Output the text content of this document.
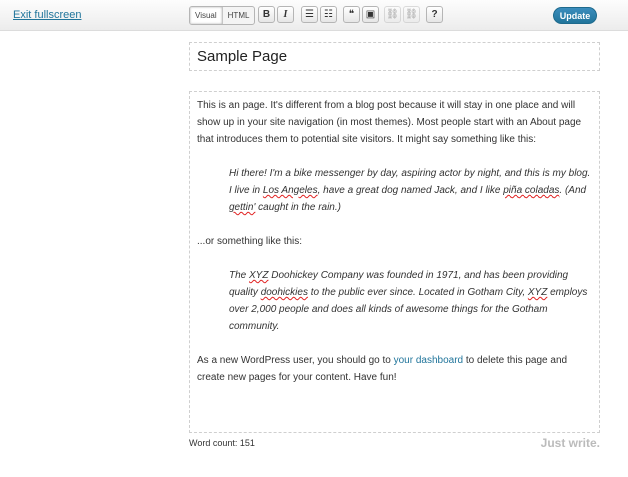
Exit fullscreen	Visual	HTML	B I ☰ ☷ ❝ ▣ ⛓ ⛓ ?	Update
Sample Page

This is an page. It's different from a blog post because it will stay in one place and will show up in your site navigation (in most themes). Most people start with an About page that introduces them to potential site visitors. It might say something like this:

Hi there! I'm a bike messenger by day, aspiring actor by night, and this is my blog. I live in Los Angeles, have a great dog named Jack, and I like piña coladas. (And gettin' caught in the rain.)

...or something like this:

The XYZ Doohickey Company was founded in 1971, and has been providing quality doohickies to the public ever since. Located in Gotham City, XYZ employs over 2,000 people and does all kinds of awesome things for the Gotham community.

As a new WordPress user, you should go to your dashboard to delete this page and create new pages for your content. Have fun!

Word count: 151	Just write.
